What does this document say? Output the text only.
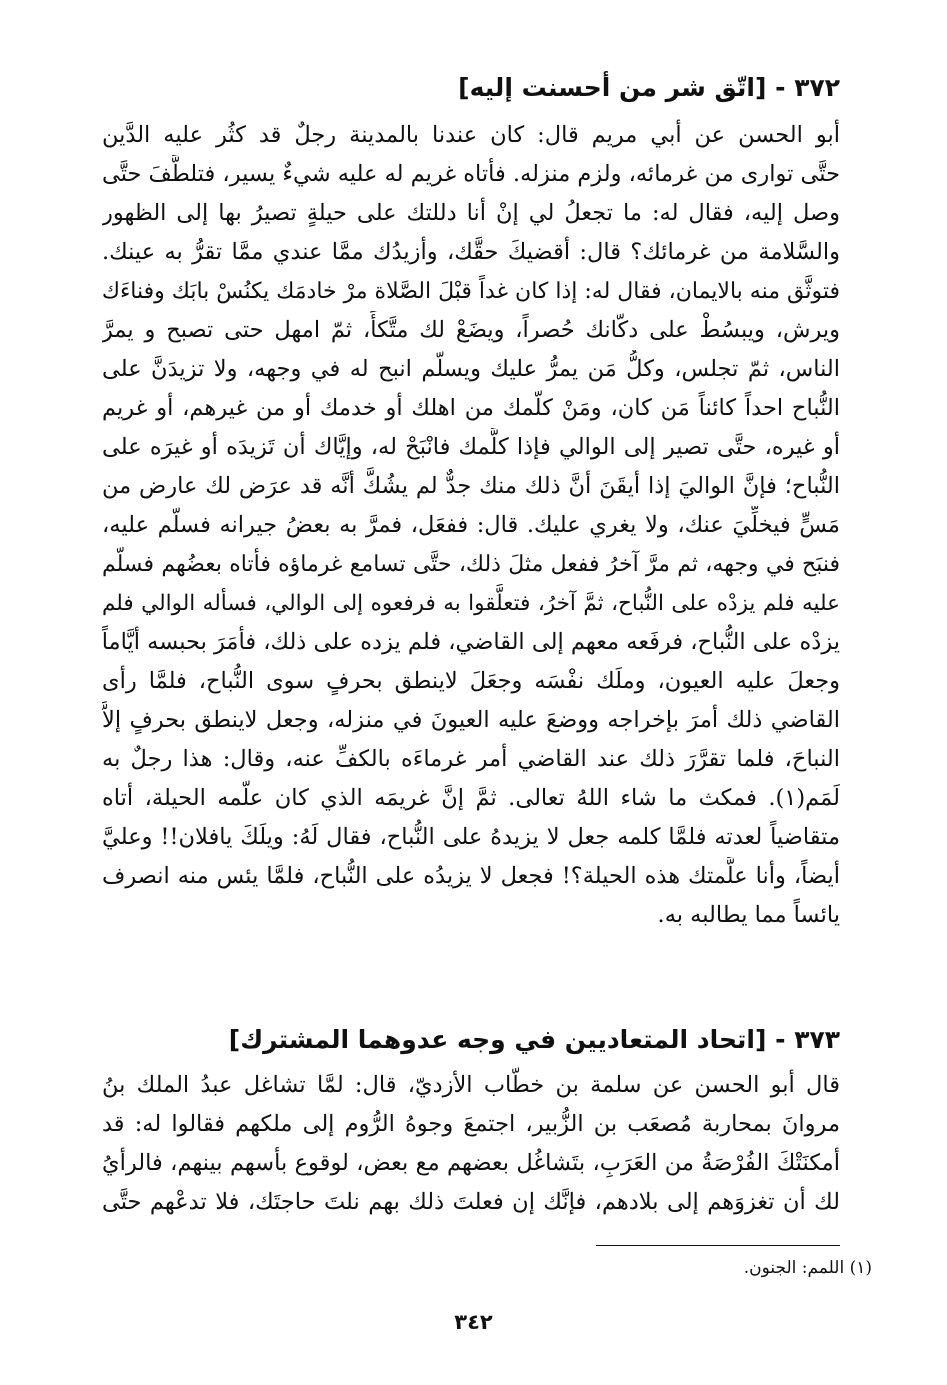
٣٧٢ - [اتّق شر من أحسنت إليه]
أبو الحسن عن أبي مريم قال: كان عندنا بالمدينة رجلٌ قد كثُر عليه الدَّين
حتَّى توارى من غرمائه، ولزم منزله. فأتاه غريم له عليه شيءٌ يسير، فتلطَّفَ حتَّى
وصل إليه، فقال له: ما تجعلُ لي إنْ أنا دللتك على حيلةٍ تصيرُ بها إلى الظهور
والسَّلامة من غرمائك؟ قال: أقضيكَ حقَّك، وأزيدُك ممَّا عندي ممَّا تقرُّ به عينك.
فتوثَّق منه بالايمان، فقال له: إذا كان غداً قبْلَ الصَّلاة مرْ خادمَك يكنُسْ بابَك وفناءَك
ويرش، ويبسُطْ على دكّانك حُصراً، ويضَعْ لك متَّكأً، ثمّ امهل حتى تصبح و يمرَّ
الناس، ثمّ تجلس، وكلُّ مَن يمرُّ عليك ويسلّم انبح له في وجهه، ولا تزيدَنَّ على
النُّباح احداً كائناً مَن كان، ومَنْ كلّمك من اهلك أو خدمك أو من غيرهم، أو غريم
أو غيره، حتَّى تصير إلى الوالي فإذا كلَّمك فانْبَحْ له، وإيَّاك أن تَزيدَه أو غيرَه على
النُّباح؛ فإنَّ الواليَ إذا أيقَنَ أنَّ ذلك منك جدٌّ لم يشُكَّ أنَّه قد عرَض لك عارض من
مَسٍّ فيخلِّيَ عنك، ولا يغري عليك. قال: ففعَل، فمرَّ به بعضُ جيرانه فسلّم عليه،
فنبَح في وجهه، ثم مرَّ آخرُ ففعل مثلَ ذلك، حتَّى تسامع غرماؤه فأتاه بعضُهم فسلّم
عليه فلم يزدْه على النُّباح، ثمَّ آخرُ، فتعلَّقوا به فرفعوه إلى الوالي، فسأله الوالي فلم
يزدْه على النُّباح، فرفَعه معهم إلى القاضي، فلم يزده على ذلك، فأمَرَ بحبسه أيَّاماً
وجعلَ عليه العيون، وملَك نفْسَه وجعَلَ لاينطق بحرفٍ سوى النُّباح، فلمَّا رأى
القاضي ذلك أمرَ بإخراجه ووضعَ عليه العيونَ في منزله، وجعل لاينطق بحرفٍ إلاَّ
النباحَ، فلما تقرَّرَ ذلك عند القاضي أمر غرماءَه بالكفِّ عنه، وقال: هذا رجلٌ به
لَمَم(١). فمكث ما شاء اللهُ تعالى. ثمَّ إنَّ غريمَه الذي كان علّمه الحيلة، أتاه
متقاضياً لعدته فلمَّا كلمه جعل لا يزيدهُ على النُّباح، فقال لَهُ: ويلَكَ يافلان!! وعليَّ
أيضاً، وأنا علَّمتك هذه الحيلة؟! فجعل لا يزيدُه على النُّباح، فلمَّا يئس منه انصرف
يائساً مما يطالبه به.
٣٧٣ - [اتحاد المتعاديين في وجه عدوهما المشترك]
قال أبو الحسن عن سلمة بن خطّاب الأزديّ، قال: لمَّا تشاغل عبدُ الملك بنُ
مروانَ بمحاربة مُصعَب بن الزُّبير، اجتمعَ وجوهُ الرُّوم إلى ملكهم فقالوا له: قد
أمكنَتْكَ الفُرْصَةُ من العَرَبِ، بتَشاغُل بعضهم مع بعض، لوقوع بأسهم بينهم، فالرأيُ
لك أن تغزوَهم إلى بلادهم، فإنَّك إن فعلتَ ذلك بهم نلتَ حاجتَك، فلا تدعْهم حتَّى
(١) اللمم: الجنون.
٣٤٢
